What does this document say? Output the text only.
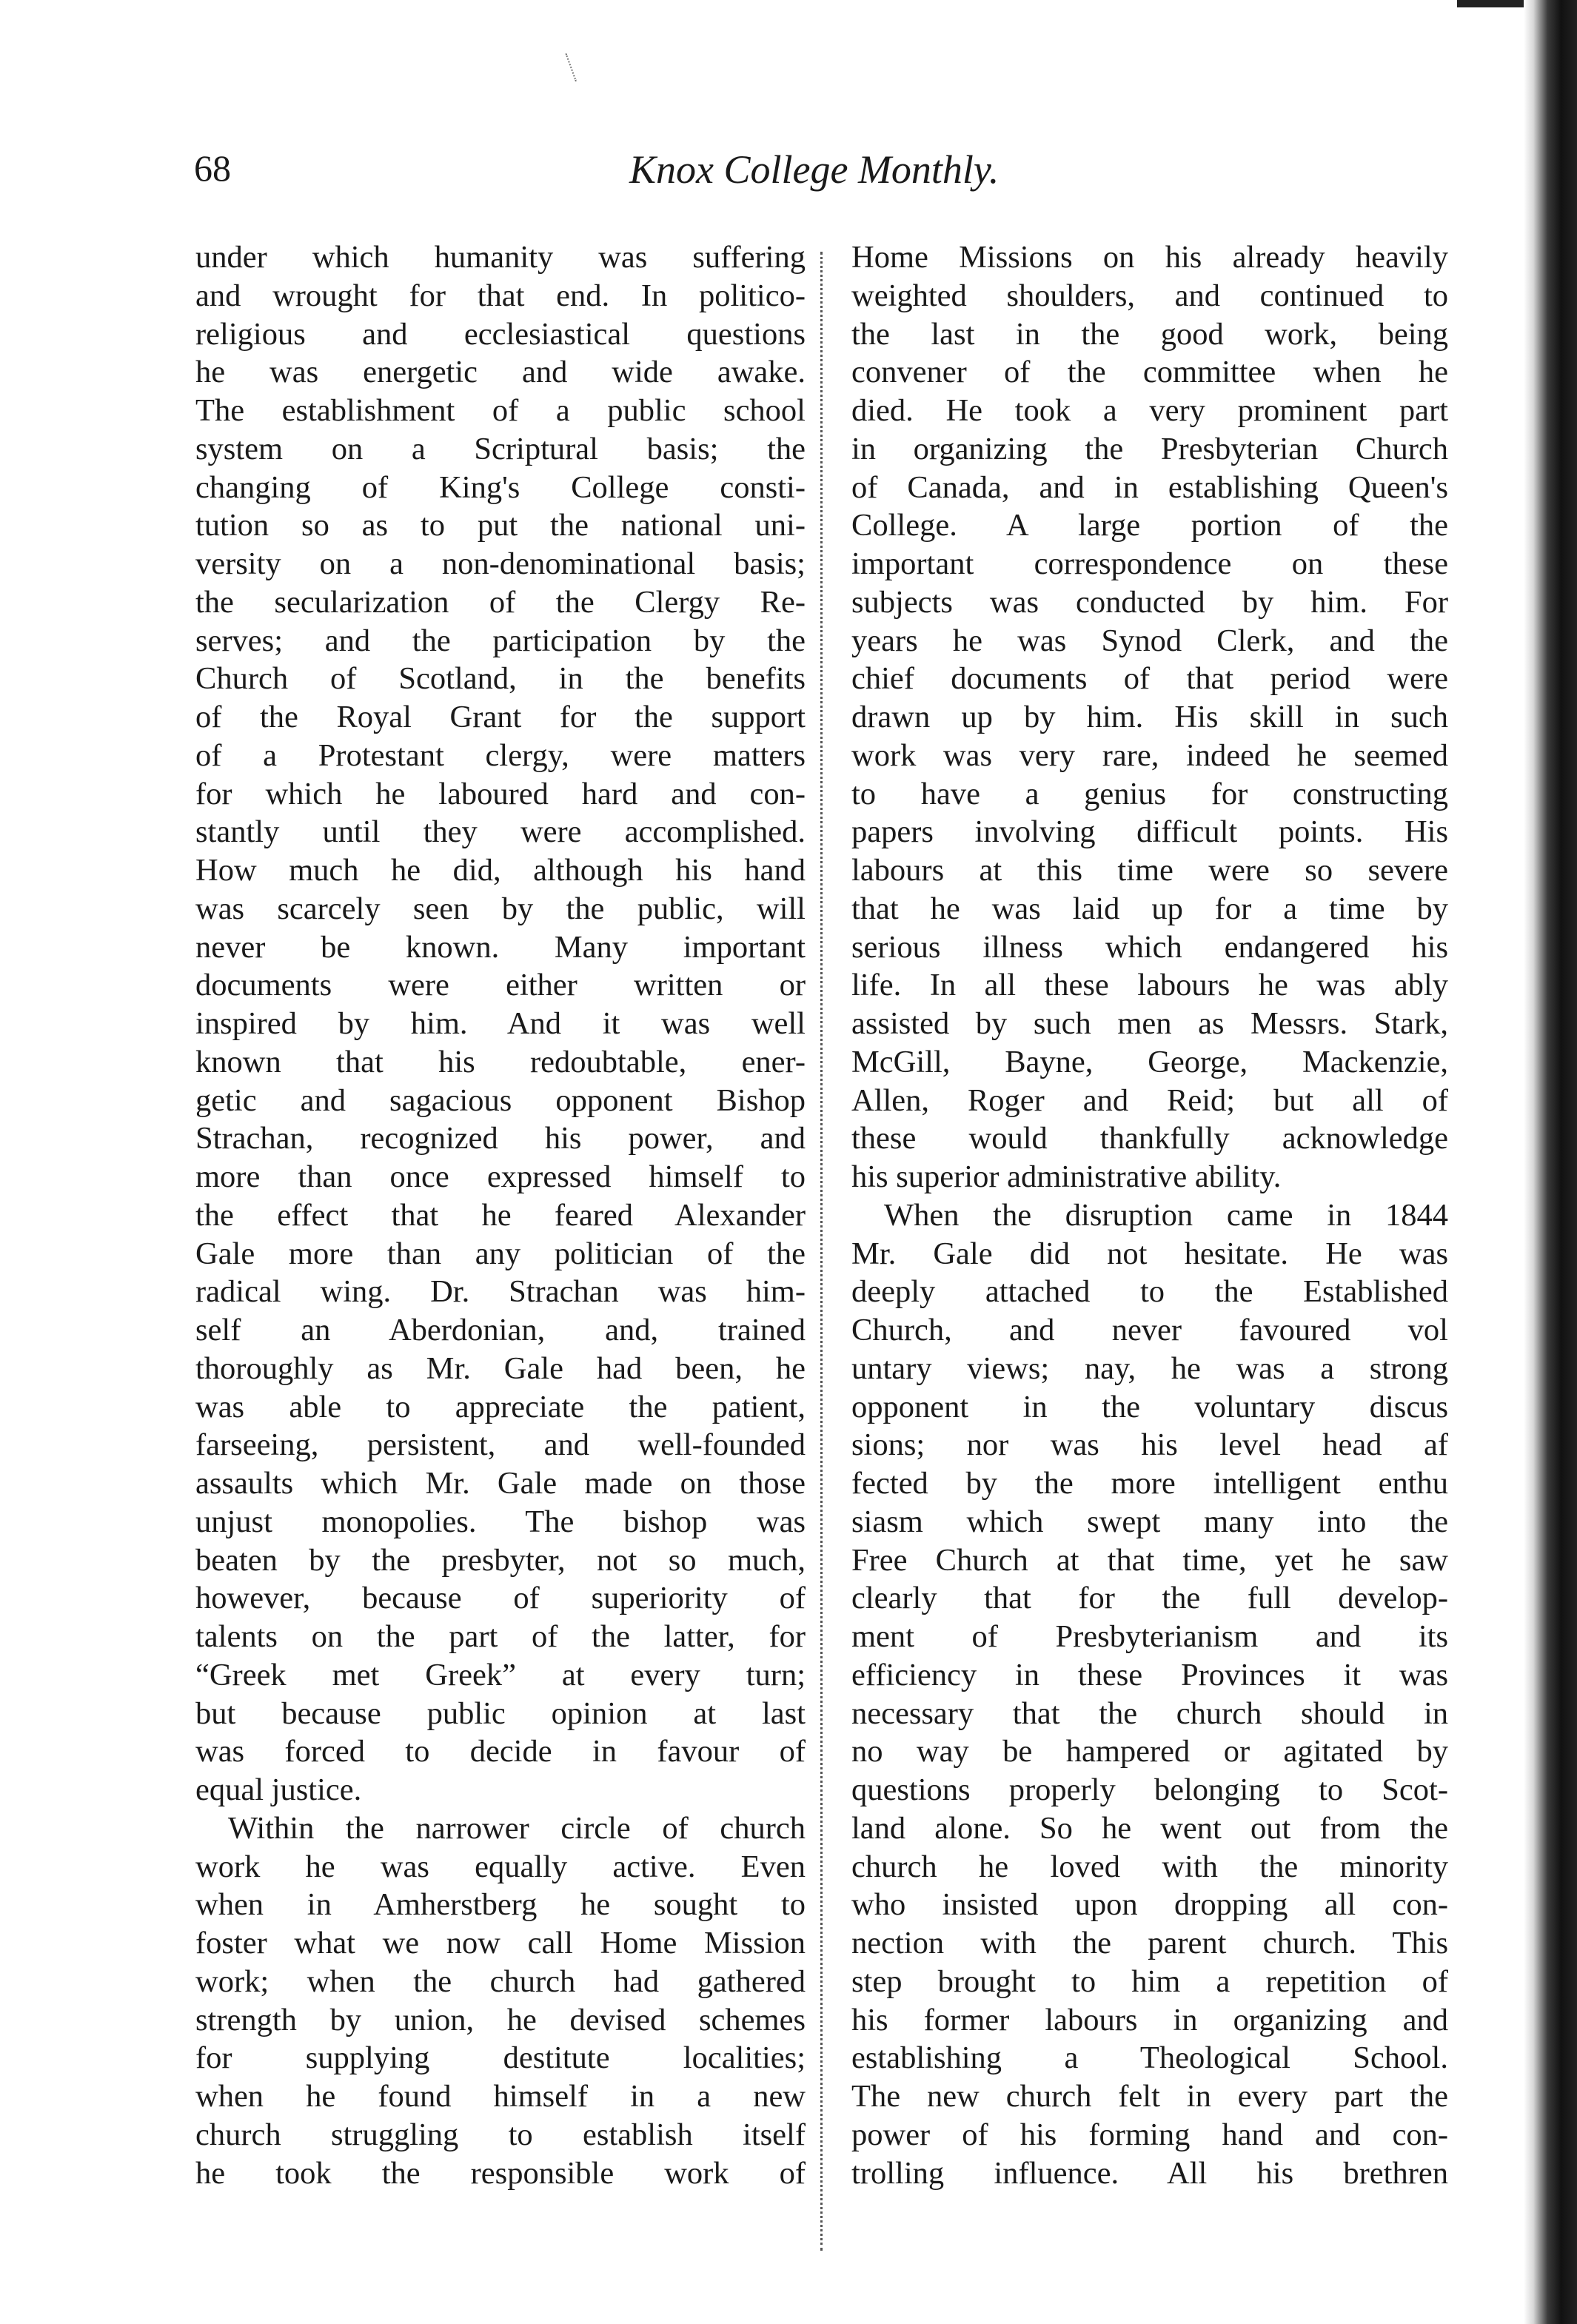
68	Knox College Monthly.
under which humanity was suffering
and wrought for that end. In politico-
religious and ecclesiastical questions
he was energetic and wide awake.
The establishment of a public school
system on a Scriptural basis; the
changing of King's College consti-
tution so as to put the national uni-
versity on a non-denominational basis;
the secularization of the Clergy Re-
serves; and the participation by the
Church of Scotland, in the benefits
of the Royal Grant for the support
of a Protestant clergy, were matters
for which he laboured hard and con-
stantly until they were accomplished.
How much he did, although his hand
was scarcely seen by the public, will
never be known. Many important
documents were either written or
inspired by him. And it was well
known that his redoubtable, ener-
getic and sagacious opponent Bishop
Strachan, recognized his power, and
more than once expressed himself to
the effect that he feared Alexander
Gale more than any politician of the
radical wing. Dr. Strachan was him-
self an Aberdonian, and, trained
thoroughly as Mr. Gale had been, he
was able to appreciate the patient,
farseeing, persistent, and well-founded
assaults which Mr. Gale made on those
unjust monopolies. The bishop was
beaten by the presbyter, not so much,
however, because of superiority of
talents on the part of the latter, for
“Greek met Greek” at every turn;
but because public opinion at last
was forced to decide in favour of
equal justice.
Within the narrower circle of church
work he was equally active. Even
when in Amherstberg he sought to
foster what we now call Home Mission
work; when the church had gathered
strength by union, he devised schemes
for supplying destitute localities;
when he found himself in a new
church struggling to establish itself
he took the responsible work of
Home Missions on his already heavily
weighted shoulders, and continued to
the last in the good work, being
convener of the committee when he
died. He took a very prominent part
in organizing the Presbyterian Church
of Canada, and in establishing Queen's
College. A large portion of the
important correspondence on these
subjects was conducted by him. For
years he was Synod Clerk, and the
chief documents of that period were
drawn up by him. His skill in such
work was very rare, indeed he seemed
to have a genius for constructing
papers involving difficult points. His
labours at this time were so severe
that he was laid up for a time by
serious illness which endangered his
life. In all these labours he was ably
assisted by such men as Messrs. Stark,
McGill, Bayne, George, Mackenzie,
Allen, Roger and Reid; but all of
these would thankfully acknowledge
his superior administrative ability.
When the disruption came in 1844
Mr. Gale did not hesitate. He was
deeply attached to the Established
Church, and never favoured vol
untary views; nay, he was a strong
opponent in the voluntary discus
sions; nor was his level head af
fected by the more intelligent enthu
siasm which swept many into the
Free Church at that time, yet he saw
clearly that for the full develop-
ment of Presbyterianism and its
efficiency in these Provinces it was
necessary that the church should in
no way be hampered or agitated by
questions properly belonging to Scot-
land alone. So he went out from the
church he loved with the minority
who insisted upon dropping all con-
nection with the parent church. This
step brought to him a repetition of
his former labours in organizing and
establishing a Theological School.
The new church felt in every part the
power of his forming hand and con-
trolling influence. All his brethren
